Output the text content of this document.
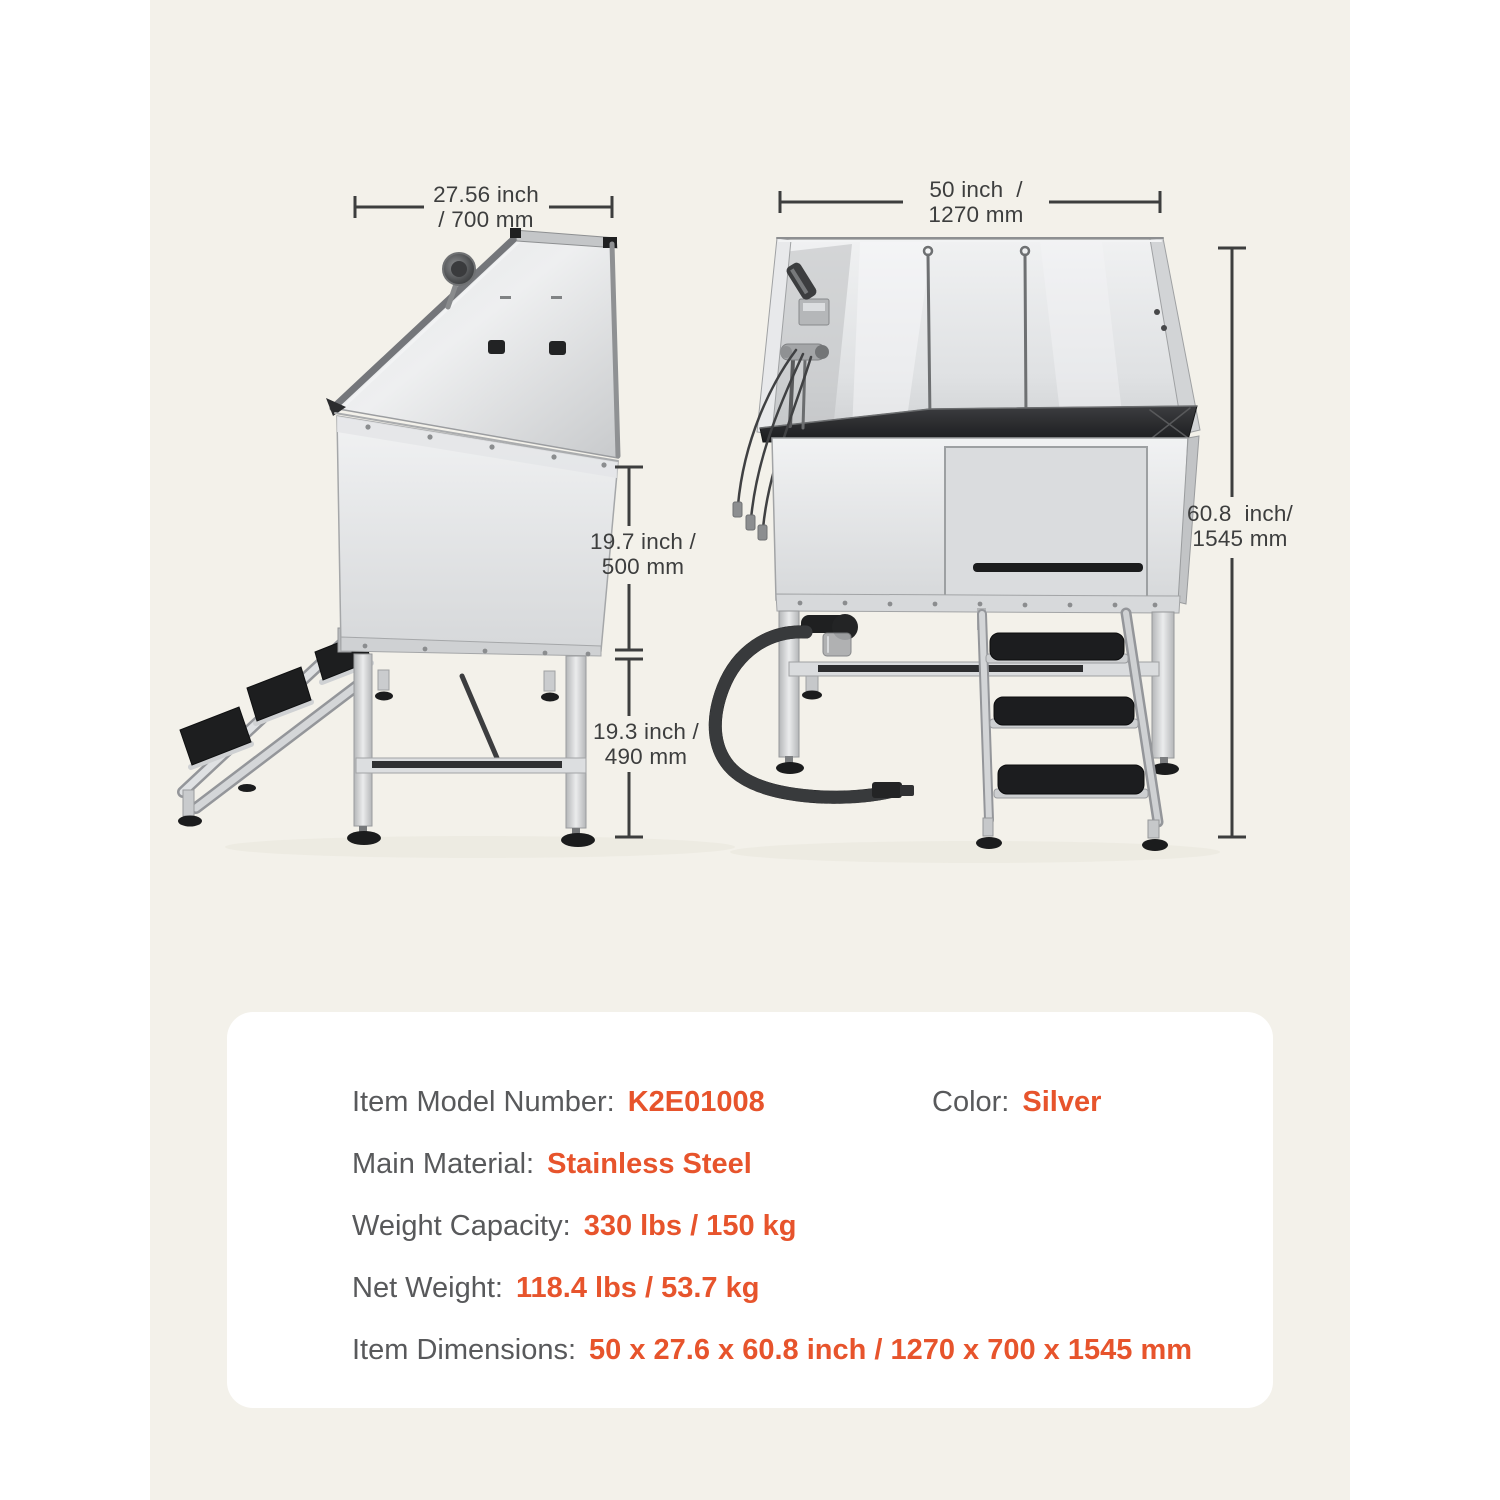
27.56 inch
/ 700 mm
50 inch  /
1270 mm
19.7 inch /
500 mm
19.3 inch /
490 mm
60.8  inch/
1545 mm
Item Model Number: K2E01008	Color: Silver
Main Material: Stainless Steel
Weight Capacity: 330 lbs / 150 kg
Net Weight: 118.4 lbs / 53.7 kg
Item Dimensions: 50 x 27.6 x 60.8 inch / 1270 x 700 x 1545 mm
